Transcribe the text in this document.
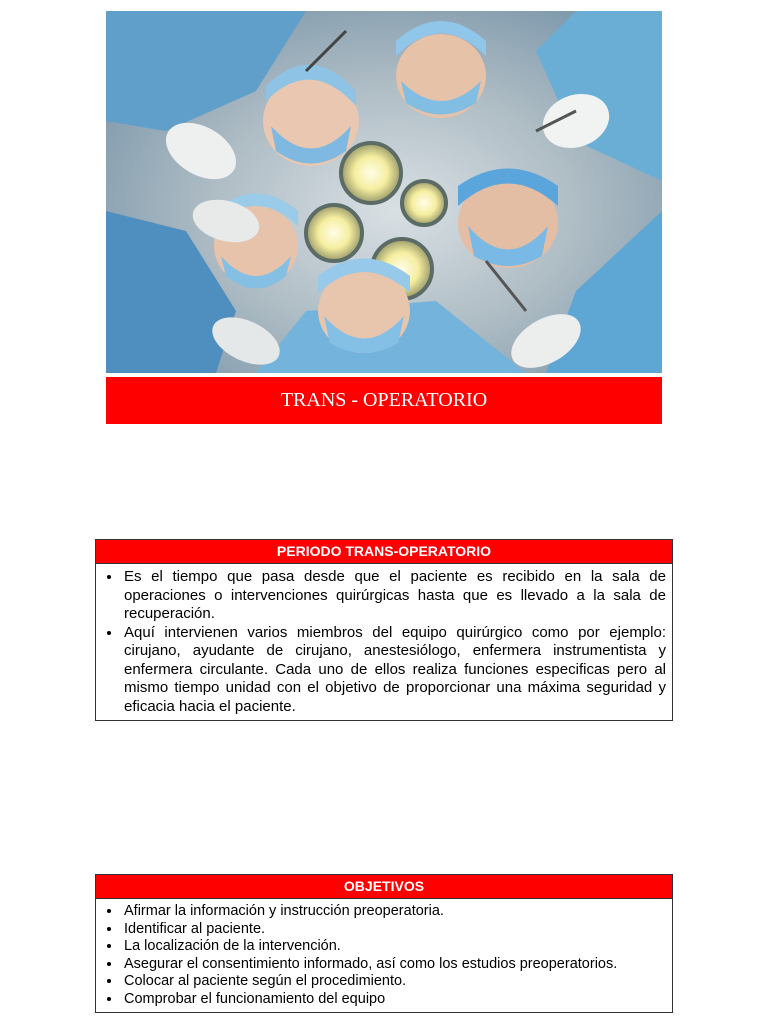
TRANS - OPERATORIO
PERIODO TRANS-OPERATORIO
• Es el tiempo que pasa desde que el paciente es recibido en la sala de operaciones o intervenciones quirúrgicas hasta que es llevado a la sala de recuperación.
• Aquí intervienen varios miembros del equipo quirúrgico como por ejemplo: cirujano, ayudante de cirujano, anestesiólogo, enfermera instrumentista y enfermera circulante. Cada uno de ellos realiza funciones especificas pero al mismo tiempo unidad con el objetivo de proporcionar una máxima seguridad y eficacia hacia el paciente.
OBJETIVOS
• Afirmar la información y instrucción preoperatoria.
• Identificar al paciente.
• La localización de la intervención.
• Asegurar el consentimiento informado, así como los estudios preoperatorios.
• Colocar al paciente según el procedimiento.
• Comprobar el funcionamiento del equipo
